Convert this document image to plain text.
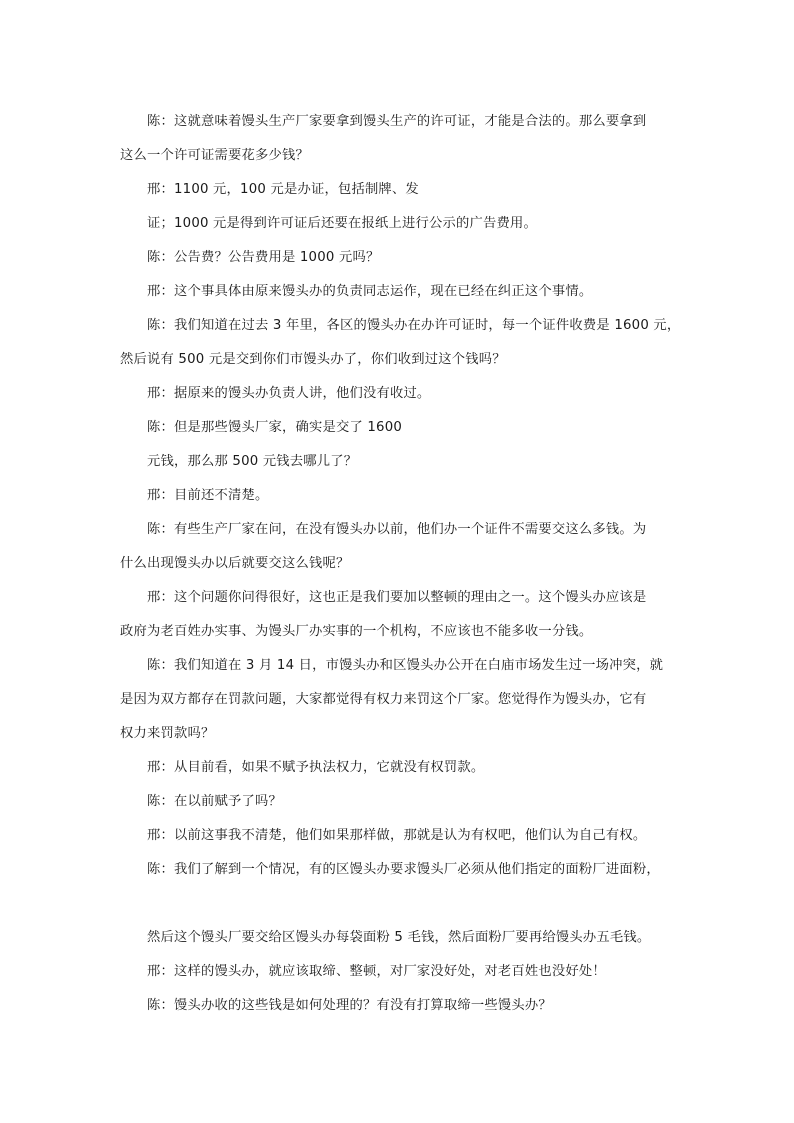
陈：这就意味着馒头生产厂家要拿到馒头生产的许可证，才能是合法的。那么要拿到
这么一个许可证需要花多少钱？
邢：1100 元，100 元是办证，包括制牌、发
证；1000 元是得到许可证后还要在报纸上进行公示的广告费用。
陈：公告费？公告费用是 1000 元吗？
邢：这个事具体由原来馒头办的负责同志运作，现在已经在纠正这个事情。
陈：我们知道在过去 3 年里，各区的馒头办在办许可证时，每一个证件收费是 1600 元，
然后说有 500 元是交到你们市馒头办了，你们收到过这个钱吗？
邢：据原来的馒头办负责人讲，他们没有收过。
陈：但是那些馒头厂家，确实是交了 1600
元钱，那么那 500 元钱去哪儿了？
邢：目前还不清楚。
陈：有些生产厂家在问，在没有馒头办以前，他们办一个证件不需要交这么多钱。为
什么出现馒头办以后就要交这么钱呢？
邢：这个问题你问得很好，这也正是我们要加以整顿的理由之一。这个馒头办应该是
政府为老百姓办实事、为馒头厂办实事的一个机构，不应该也不能多收一分钱。
陈：我们知道在 3 月 14 日，市馒头办和区馒头办公开在白庙市场发生过一场冲突，就
是因为双方都存在罚款问题，大家都觉得有权力来罚这个厂家。您觉得作为馒头办，它有
权力来罚款吗？
邢：从目前看，如果不赋予执法权力，它就没有权罚款。
陈：在以前赋予了吗？
邢：以前这事我不清楚，他们如果那样做，那就是认为有权吧，他们认为自己有权。
陈：我们了解到一个情况，有的区馒头办要求馒头厂必须从他们指定的面粉厂进面粉，
然后这个馒头厂要交给区馒头办每袋面粉 5 毛钱，然后面粉厂要再给馒头办五毛钱。
邢：这样的馒头办，就应该取缔、整顿，对厂家没好处，对老百姓也没好处！
陈：馒头办收的这些钱是如何处理的？有没有打算取缔一些馒头办？
